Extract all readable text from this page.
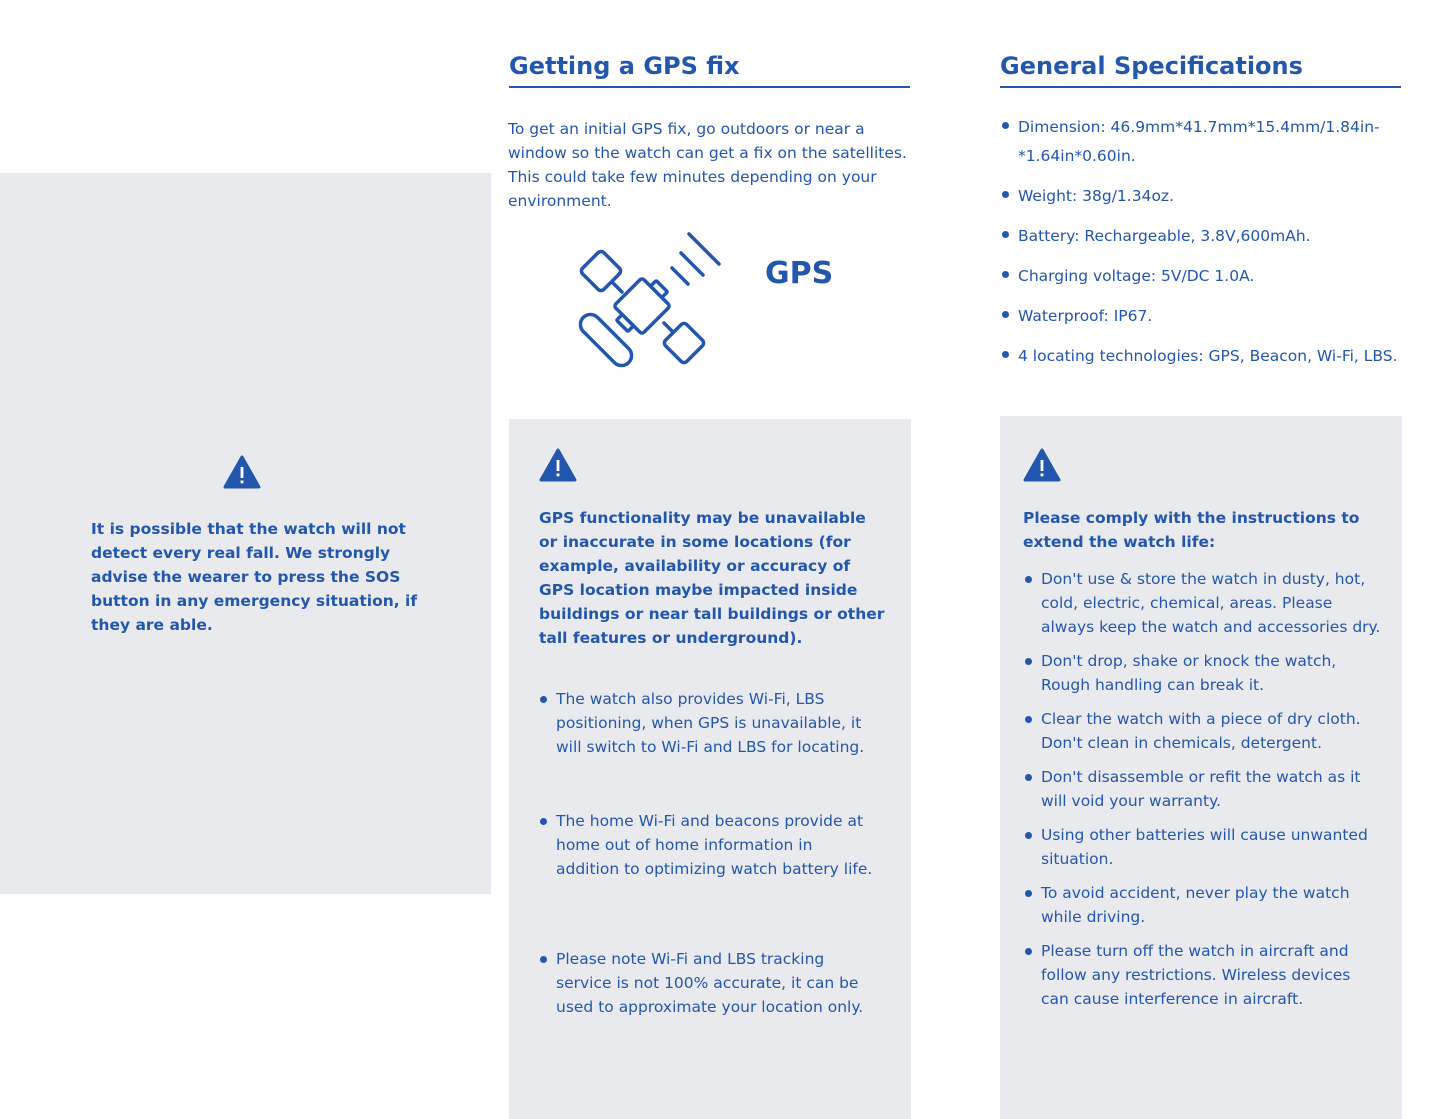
It is possible that the watch will not detect every real fall. We strongly advise the wearer to press the SOS button in any emergency situation, if they are able.
Getting a GPS fix
To get an initial GPS fix, go outdoors or near a window so the watch can get a fix on the satellites. This could take few minutes depending on your environment.
GPS
GPS functionality may be unavailable or inaccurate in some locations (for example, availability or accuracy of GPS location maybe impacted inside buildings or near tall buildings or other tall features or underground).
The watch also provides Wi-Fi, LBS positioning, when GPS is unavailable, it will switch to Wi-Fi and LBS for locating.
The home Wi-Fi and beacons provide at home out of home information in addition to optimizing watch battery life.
Please note Wi-Fi and LBS tracking service is not 100% accurate, it can be used to approximate your location only.
General Specifications
Dimension: 46.9mm*41.7mm*15.4mm/1.84in-*1.64in*0.60in.
Weight: 38g/1.34oz.
Battery: Rechargeable, 3.8V,600mAh.
Charging voltage: 5V/DC 1.0A.
Waterproof: IP67.
4 locating technologies: GPS, Beacon, Wi-Fi, LBS.
Please comply with the instructions to extend the watch life:
Don't use & store the watch in dusty, hot, cold, electric, chemical, areas. Please always keep the watch and accessories dry.
Don't drop, shake or knock the watch, Rough handling can break it.
Clear the watch with a piece of dry cloth. Don't clean in chemicals, detergent.
Don't disassemble or refit the watch as it will void your warranty.
Using other batteries will cause unwanted situation.
To avoid accident, never play the watch while driving.
Please turn off the watch in aircraft and follow any restrictions. Wireless devices can cause interference in aircraft.
